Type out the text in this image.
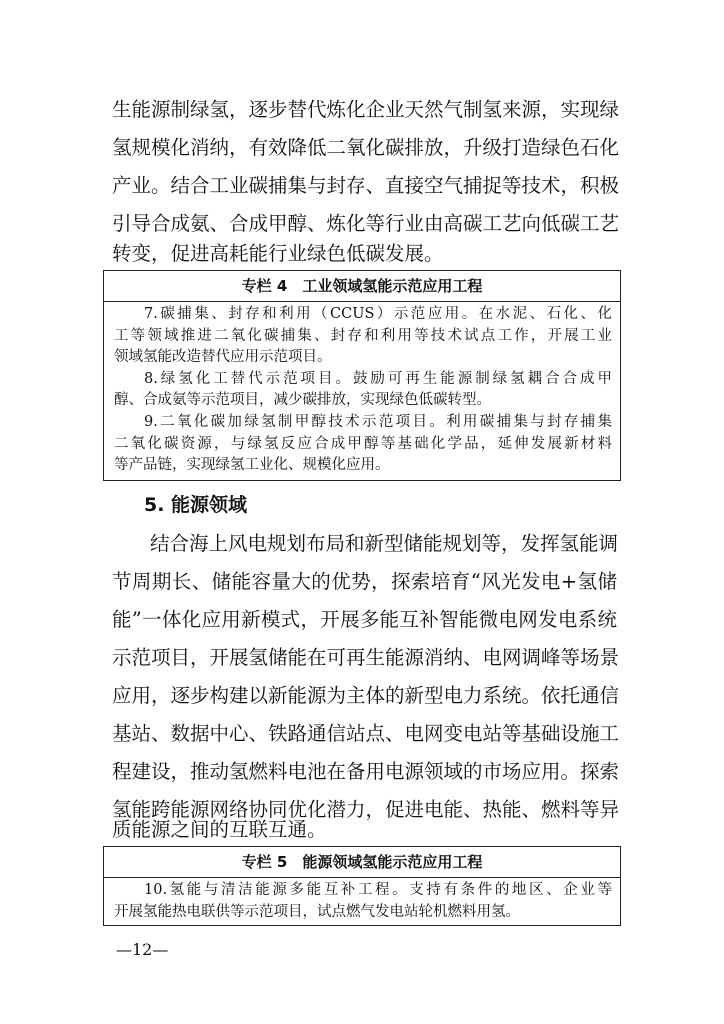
生能源制绿氢，逐步替代炼化企业天然气制氢来源，实现绿
氢规模化消纳，有效降低二氧化碳排放，升级打造绿色石化
产业。结合工业碳捕集与封存、直接空气捕捉等技术，积极
引导合成氨、合成甲醇、炼化等行业由高碳工艺向低碳工艺
转变，促进高耗能行业绿色低碳发展。
专栏 4　工业领域氢能示范应用工程
7.碳捕集、封存和利用（CCUS）示范应用。在水泥、石化、化
工等领域推进二氧化碳捕集、封存和利用等技术试点工作，开展工业
领域氢能改造替代应用示范项目。
8.绿氢化工替代示范项目。鼓励可再生能源制绿氢耦合合成甲
醇、合成氨等示范项目，减少碳排放，实现绿色低碳转型。
9.二氧化碳加绿氢制甲醇技术示范项目。利用碳捕集与封存捕集
二氧化碳资源，与绿氢反应合成甲醇等基础化学品，延伸发展新材料
等产品链，实现绿氢工业化、规模化应用。
5. 能源领域
结合海上风电规划布局和新型储能规划等，发挥氢能调
节周期长、储能容量大的优势，探索培育“风光发电+氢储
能”一体化应用新模式，开展多能互补智能微电网发电系统
示范项目，开展氢储能在可再生能源消纳、电网调峰等场景
应用，逐步构建以新能源为主体的新型电力系统。依托通信
基站、数据中心、铁路通信站点、电网变电站等基础设施工
程建设，推动氢燃料电池在备用电源领域的市场应用。探索
氢能跨能源网络协同优化潜力，促进电能、热能、燃料等异
质能源之间的互联互通。
专栏 5　能源领域氢能示范应用工程
10.氢能与清洁能源多能互补工程。支持有条件的地区、企业等
开展氢能热电联供等示范项目，试点燃气发电站轮机燃料用氢。
—12—
